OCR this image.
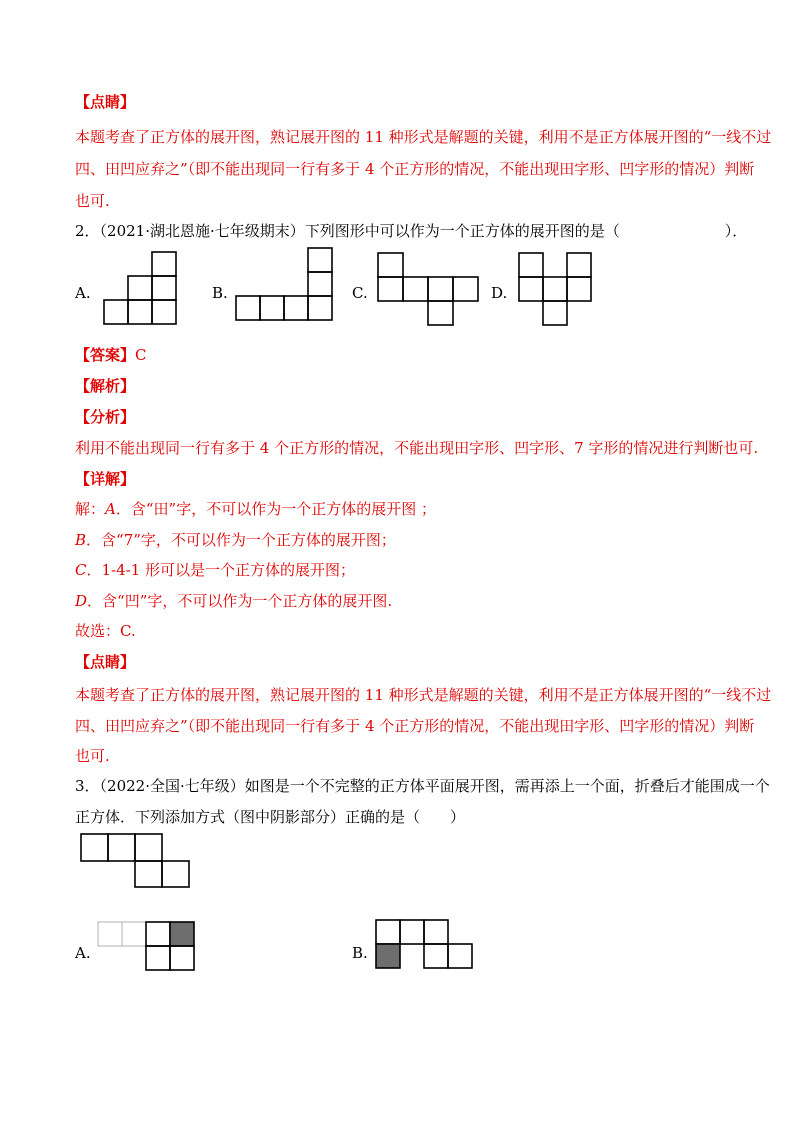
【点睛】
本题考查了正方体的展开图，熟记展开图的 11 种形式是解题的关键，利用不是正方体展开图的“一线不过
四、田凹应弃之”（即不能出现同一行有多于 4 个正方形的情况，不能出现田字形、凹字形的情况）判断
也可.
2．（2021·湖北恩施·七年级期末）下列图形中可以作为一个正方体的展开图的是（　　　　　　　）．
A.	B.	C.	D.
【答案】C
【解析】
【分析】
利用不能出现同一行有多于 4 个正方形的情况，不能出现田字形、凹字形、7 字形的情况进行判断也可.
【详解】
解：A．含“田”字，不可以作为一个正方体的展开图 ；
B．含“7”字，不可以作为一个正方体的展开图；
C．1-4-1 形可以是一个正方体的展开图；
D．含“凹”字，不可以作为一个正方体的展开图.
故选：C.
【点睛】
本题考查了正方体的展开图，熟记展开图的 11 种形式是解题的关键，利用不是正方体展开图的“一线不过
四、田凹应弃之”（即不能出现同一行有多于 4 个正方形的情况，不能出现田字形、凹字形的情况）判断
也可.
3．（2022·全国·七年级）如图是一个不完整的正方体平面展开图，需再添上一个面，折叠后才能围成一个
正方体．下列添加方式（图中阴影部分）正确的是（　　）
A.	B.
